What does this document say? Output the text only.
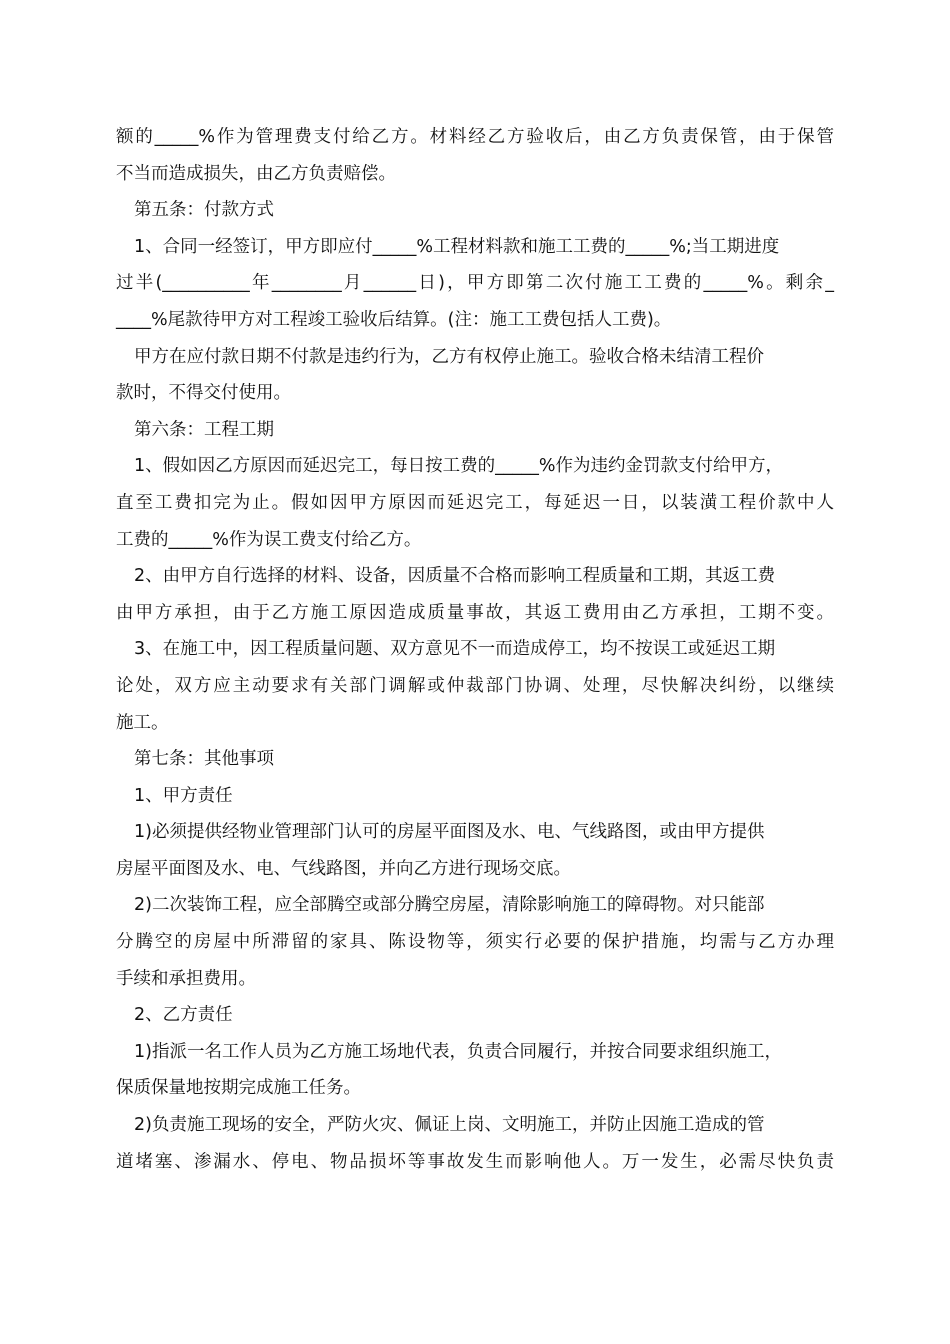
额的_____%作为管理费支付给乙方。材料经乙方验收后，由乙方负责保管，由于保管
不当而造成损失，由乙方负责赔偿。
第五条：付款方式
1、合同一经签订，甲方即应付_____%工程材料款和施工工费的_____%;当工期进度
过半(__________年________月______日)，甲方即第二次付施工工费的_____%。剩余_
____%尾款待甲方对工程竣工验收后结算。(注：施工工费包括人工费)。
甲方在应付款日期不付款是违约行为，乙方有权停止施工。验收合格未结清工程价
款时，不得交付使用。
第六条：工程工期
1、假如因乙方原因而延迟完工，每日按工费的_____%作为违约金罚款支付给甲方，
直至工费扣完为止。假如因甲方原因而延迟完工，每延迟一日，以装潢工程价款中人
工费的_____%作为误工费支付给乙方。
2、由甲方自行选择的材料、设备，因质量不合格而影响工程质量和工期，其返工费
由甲方承担，由于乙方施工原因造成质量事故，其返工费用由乙方承担，工期不变。
3、在施工中，因工程质量问题、双方意见不一而造成停工，均不按误工或延迟工期
论处，双方应主动要求有关部门调解或仲裁部门协调、处理，尽快解决纠纷，以继续
施工。
第七条：其他事项
1、甲方责任
1)必须提供经物业管理部门认可的房屋平面图及水、电、气线路图，或由甲方提供
房屋平面图及水、电、气线路图，并向乙方进行现场交底。
2)二次装饰工程，应全部腾空或部分腾空房屋，清除影响施工的障碍物。对只能部
分腾空的房屋中所滞留的家具、陈设物等，须实行必要的保护措施，均需与乙方办理
手续和承担费用。
2、乙方责任
1)指派一名工作人员为乙方施工场地代表，负责合同履行，并按合同要求组织施工，
保质保量地按期完成施工任务。
2)负责施工现场的安全，严防火灾、佩证上岗、文明施工，并防止因施工造成的管
道堵塞、渗漏水、停电、物品损坏等事故发生而影响他人。万一发生，必需尽快负责
